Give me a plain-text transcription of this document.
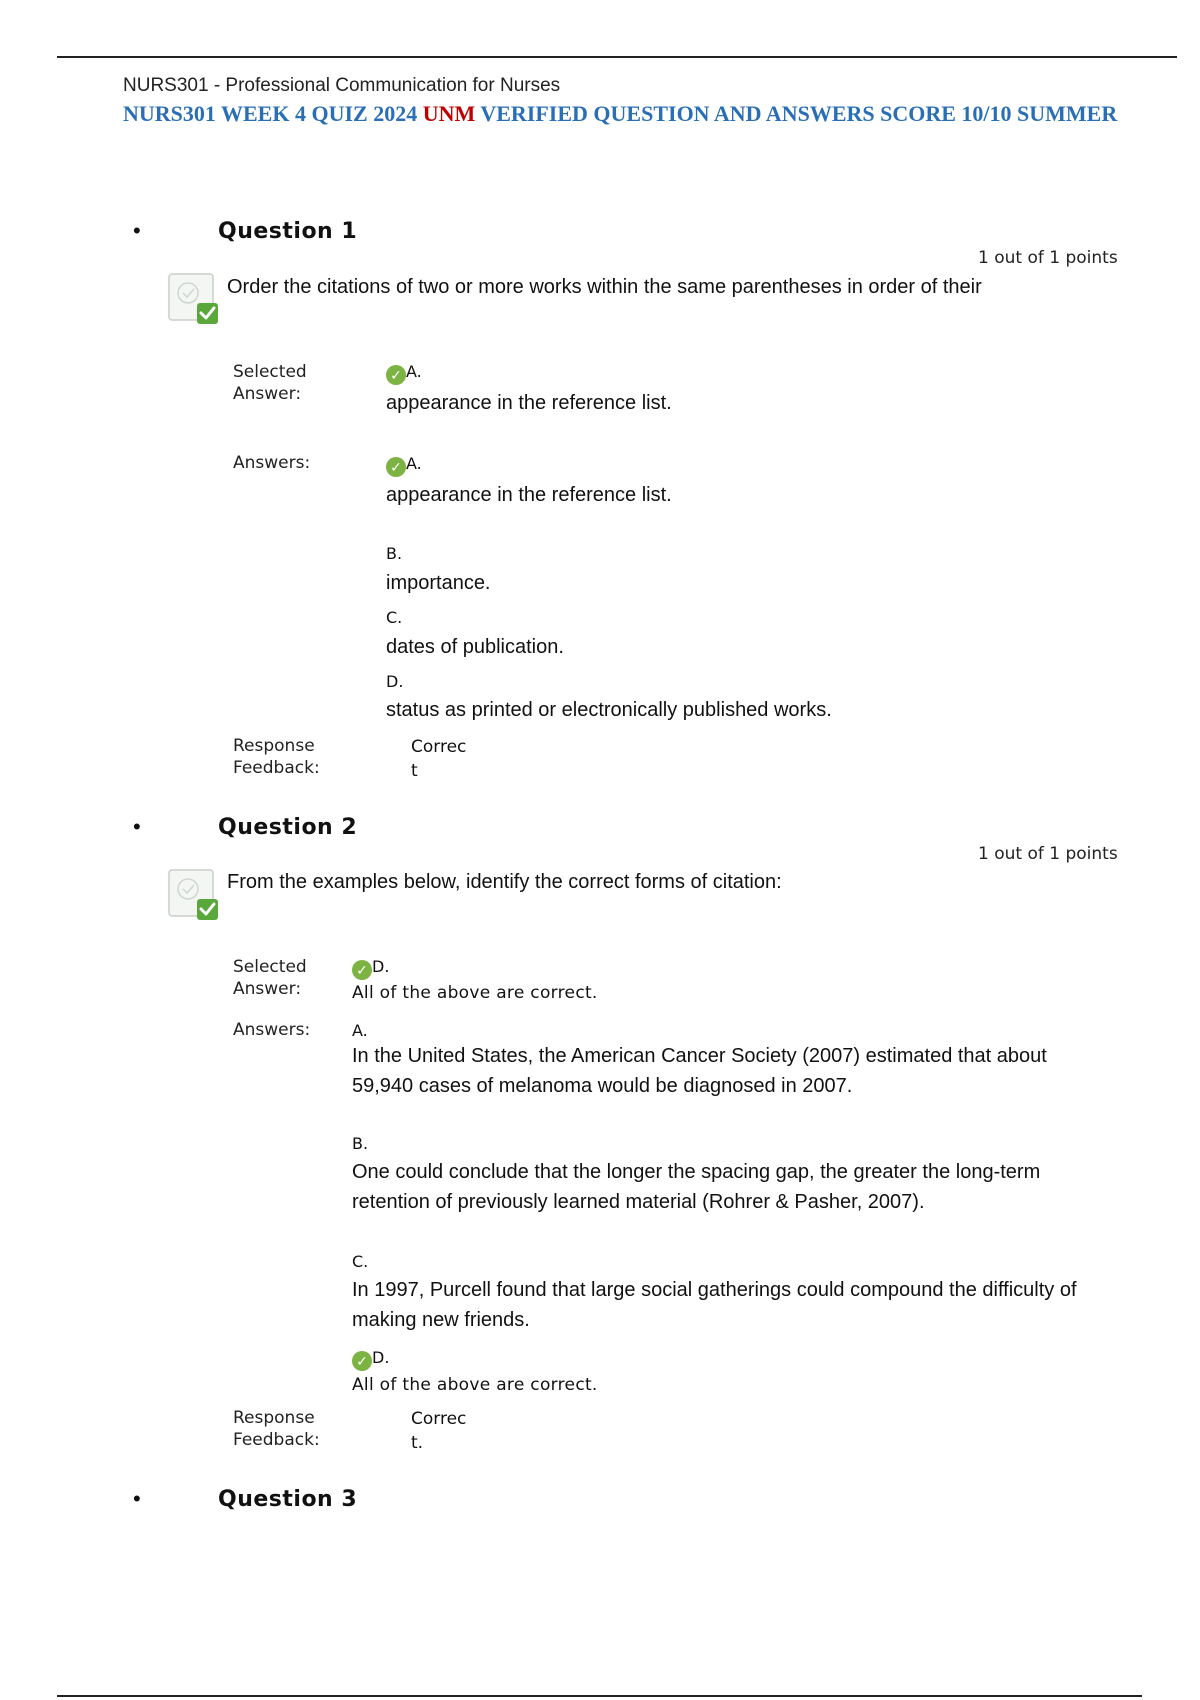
NURS301 - Professional Communication for Nurses
NURS301 WEEK 4 QUIZ 2024 UNM VERIFIED QUESTION AND ANSWERS SCORE 10/10 SUMMER
•	Question 1
1 out of 1 points
Order the citations of two or more works within the same parentheses in order of their
Selected Answer:
✓ A.
appearance in the reference list.
Answers:	✓ A.
appearance in the reference list.
B.
importance.
C.
dates of publication.
D.
status as printed or electronically published works.
Response Feedback:
Correct
•	Question 2
1 out of 1 points
From the examples below, identify the correct forms of citation:
Selected Answer:
✓ D.
All of the above are correct.
Answers:	A.
In the United States, the American Cancer Society (2007) estimated that about 59,940 cases of melanoma would be diagnosed in 2007.
B.
One could conclude that the longer the spacing gap, the greater the long-term retention of previously learned material (Rohrer & Pasher, 2007).
C.
In 1997, Purcell found that large social gatherings could compound the difficulty of making new friends.
✓ D.
All of the above are correct.
Response Feedback:
Correct.
•	Question 3
